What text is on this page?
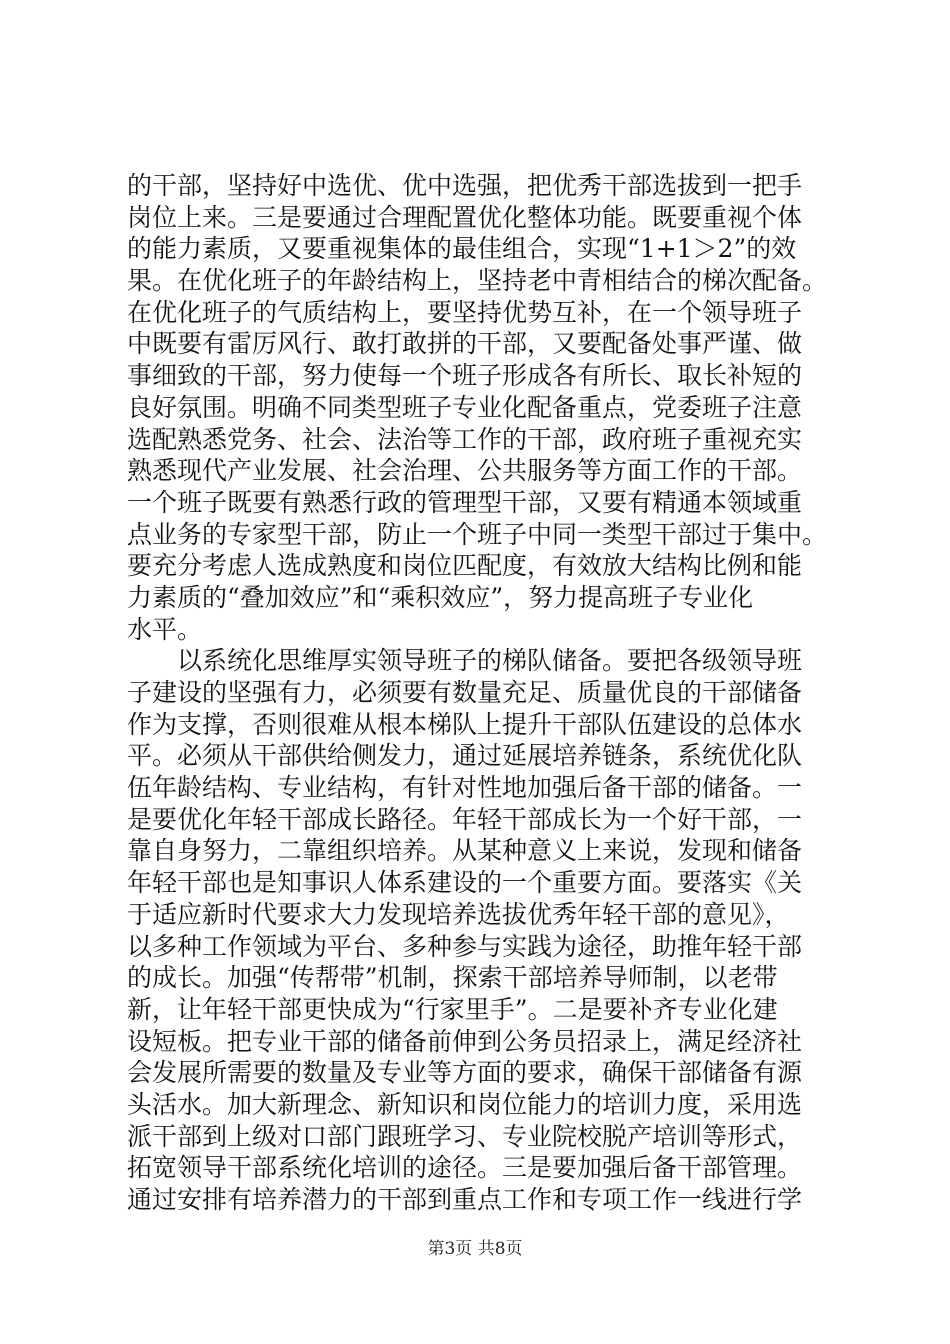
的干部，坚持好中选优、优中选强，把优秀干部选拔到一把手
岗位上来。三是要通过合理配置优化整体功能。既要重视个体
的能力素质，又要重视集体的最佳组合，实现“1+1＞2”的效
果。在优化班子的年龄结构上，坚持老中青相结合的梯次配备。
在优化班子的气质结构上，要坚持优势互补，在一个领导班子
中既要有雷厉风行、敢打敢拼的干部，又要配备处事严谨、做
事细致的干部，努力使每一个班子形成各有所长、取长补短的
良好氛围。明确不同类型班子专业化配备重点，党委班子注意
选配熟悉党务、社会、法治等工作的干部，政府班子重视充实
熟悉现代产业发展、社会治理、公共服务等方面工作的干部。
一个班子既要有熟悉行政的管理型干部，又要有精通本领域重
点业务的专家型干部，防止一个班子中同一类型干部过于集中。
要充分考虑人选成熟度和岗位匹配度，有效放大结构比例和能
力素质的“叠加效应”和“乘积效应”，努力提高班子专业化
水平。
　　以系统化思维厚实领导班子的梯队储备。要把各级领导班
子建设的坚强有力，必须要有数量充足、质量优良的干部储备
作为支撑，否则很难从根本梯队上提升干部队伍建设的总体水
平。必须从干部供给侧发力，通过延展培养链条，系统优化队
伍年龄结构、专业结构，有针对性地加强后备干部的储备。一
是要优化年轻干部成长路径。年轻干部成长为一个好干部，一
靠自身努力，二靠组织培养。从某种意义上来说，发现和储备
年轻干部也是知事识人体系建设的一个重要方面。要落实《关
于适应新时代要求大力发现培养选拔优秀年轻干部的意见》，
以多种工作领域为平台、多种参与实践为途径，助推年轻干部
的成长。加强“传帮带”机制，探索干部培养导师制，以老带
新，让年轻干部更快成为“行家里手”。二是要补齐专业化建
设短板。把专业干部的储备前伸到公务员招录上，满足经济社
会发展所需要的数量及专业等方面的要求，确保干部储备有源
头活水。加大新理念、新知识和岗位能力的培训力度，采用选
派干部到上级对口部门跟班学习、专业院校脱产培训等形式，
拓宽领导干部系统化培训的途径。三是要加强后备干部管理。
通过安排有培养潜力的干部到重点工作和专项工作一线进行学
第3页 共8页
